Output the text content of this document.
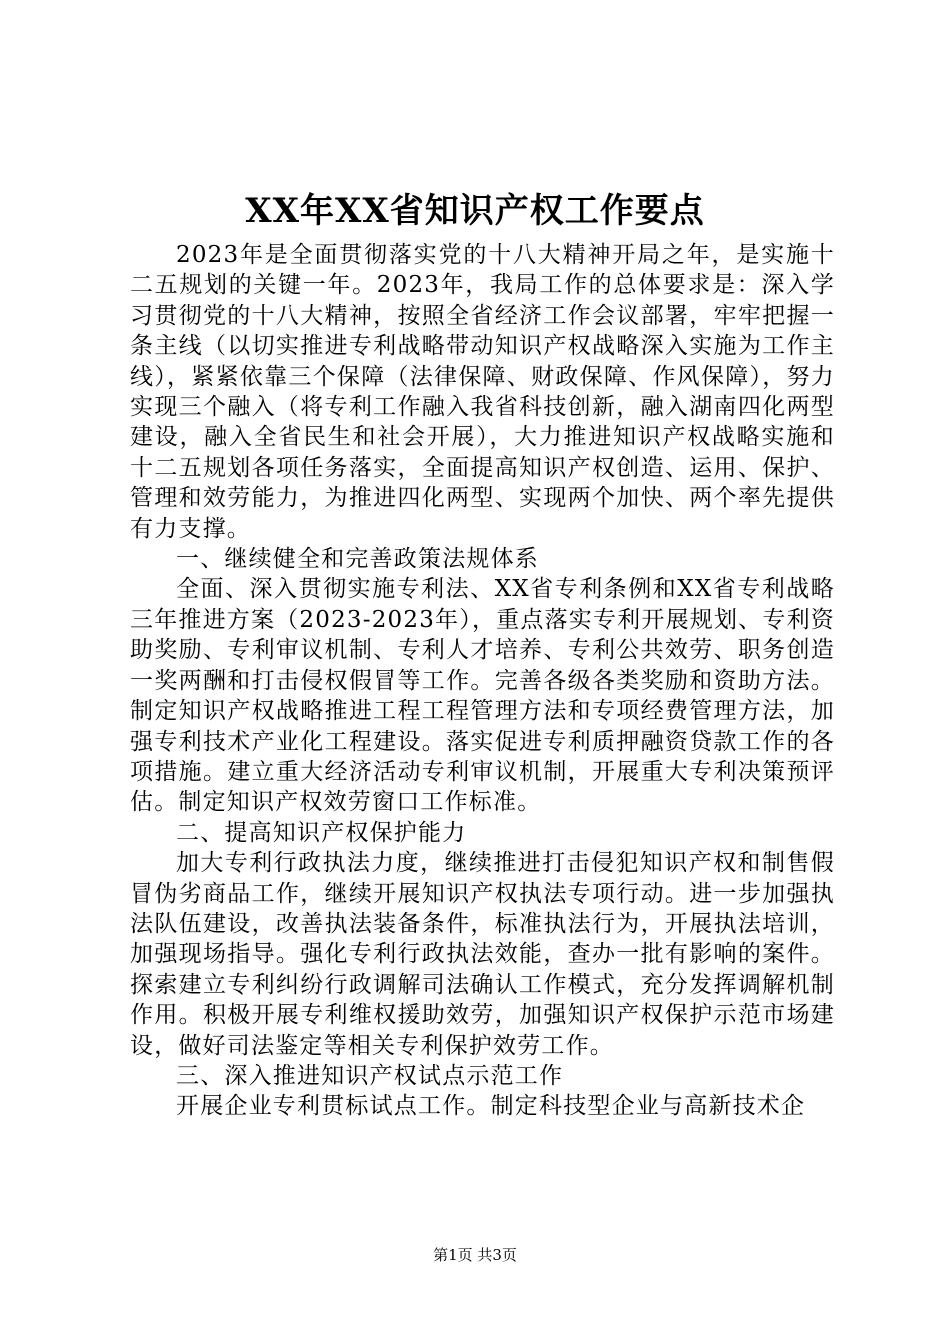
XX年XX省知识产权工作要点

2023年是全面贯彻落实党的十八大精神开局之年，是实施十二五规划的关键一年。2023年，我局工作的总体要求是：深入学习贯彻党的十八大精神，按照全省经济工作会议部署，牢牢把握一条主线（以切实推进专利战略带动知识产权战略深入实施为工作主线），紧紧依靠三个保障（法律保障、财政保障、作风保障），努力实现三个融入（将专利工作融入我省科技创新，融入湖南四化两型建设，融入全省民生和社会开展），大力推进知识产权战略实施和十二五规划各项任务落实，全面提高知识产权创造、运用、保护、管理和效劳能力，为推进四化两型、实现两个加快、两个率先提供有力支撑。

一、继续健全和完善政策法规体系

全面、深入贯彻实施专利法、XX省专利条例和XX省专利战略三年推进方案（2023-2023年），重点落实专利开展规划、专利资助奖励、专利审议机制、专利人才培养、专利公共效劳、职务创造一奖两酬和打击侵权假冒等工作。完善各级各类奖励和资助方法。制定知识产权战略推进工程工程管理方法和专项经费管理方法，加强专利技术产业化工程建设。落实促进专利质押融资贷款工作的各项措施。建立重大经济活动专利审议机制，开展重大专利决策预评估。制定知识产权效劳窗口工作标准。

二、提高知识产权保护能力

加大专利行政执法力度，继续推进打击侵犯知识产权和制售假冒伪劣商品工作，继续开展知识产权执法专项行动。进一步加强执法队伍建设，改善执法装备条件，标准执法行为，开展执法培训，加强现场指导。强化专利行政执法效能，查办一批有影响的案件。探索建立专利纠纷行政调解司法确认工作模式，充分发挥调解机制作用。积极开展专利维权援助效劳，加强知识产权保护示范市场建设，做好司法鉴定等相关专利保护效劳工作。

三、深入推进知识产权试点示范工作

开展企业专利贯标试点工作。制定科技型企业与高新技术企

第1页 共3页
